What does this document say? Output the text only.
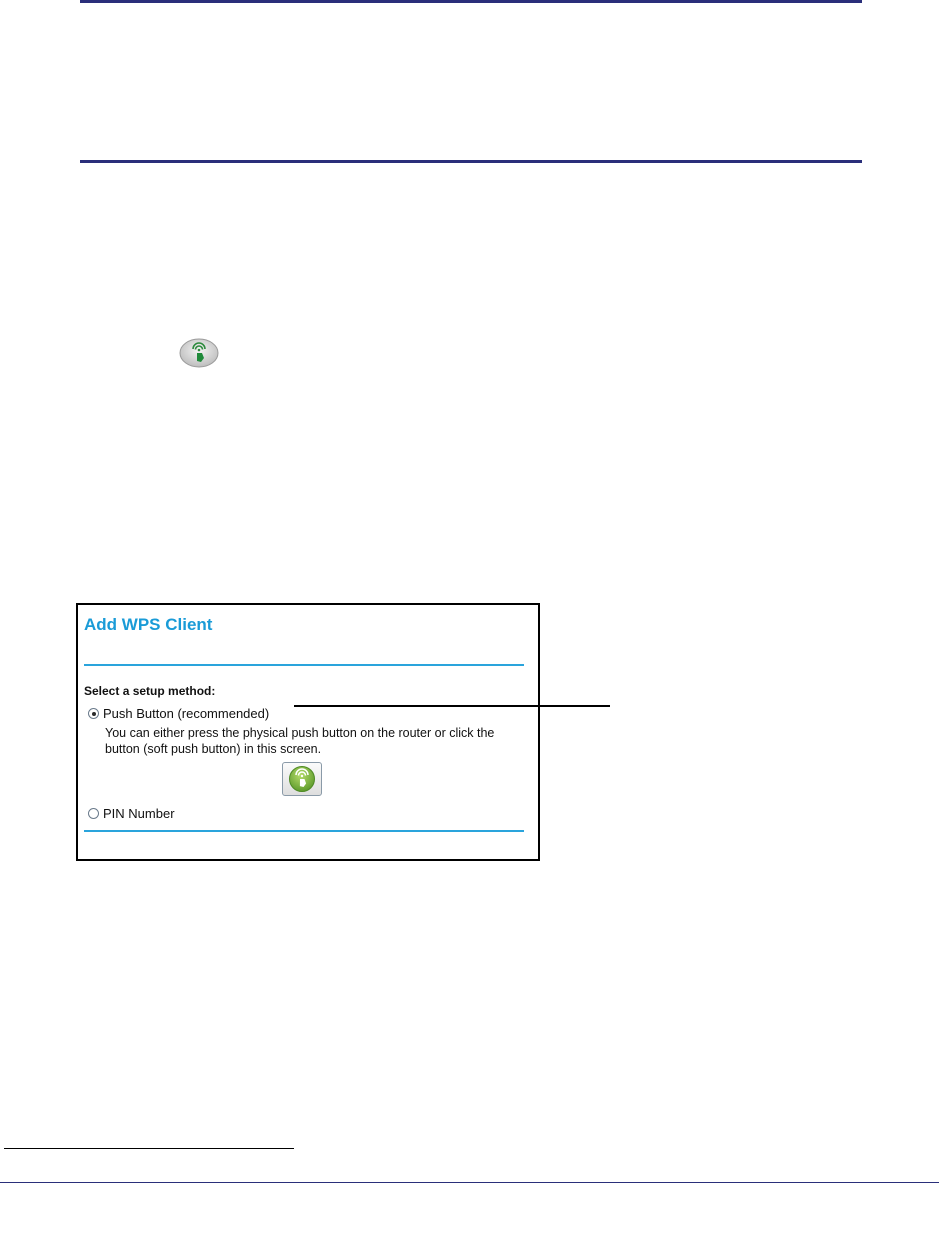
Add WPS Client
Select a setup method:
Push Button (recommended)
You can either press the physical push button on the router or click the button (soft push button) in this screen.
PIN Number
